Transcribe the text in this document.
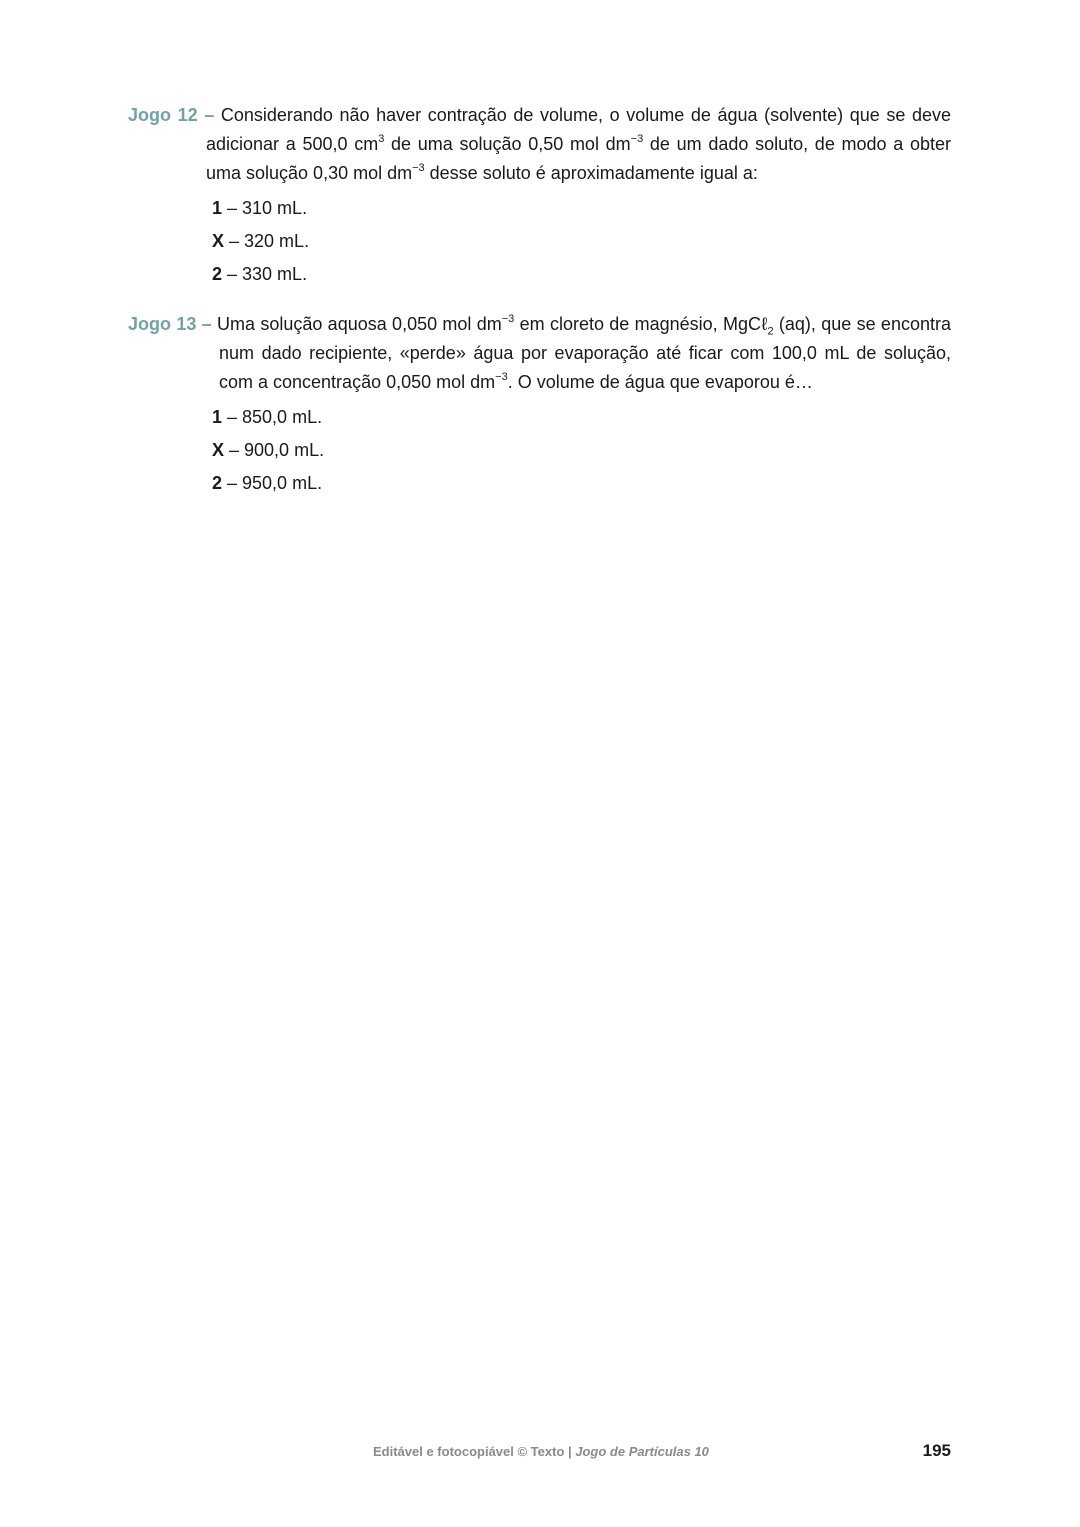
Jogo 12 – Considerando não haver contração de volume, o volume de água (solvente) que se deve adicionar a 500,0 $cm^3$ de uma solução 0,50 mol $dm^{-3}$ de um dado soluto, de modo a obter uma solução 0,30 mol $dm^{-3}$ desse soluto é aproximadamente igual a:

1 – 310 mL.
X – 320 mL.
2 – 330 mL.

Jogo 13 – Uma solução aquosa 0,050 mol $dm^{-3}$ em cloreto de magnésio, MgCℓ$_2$ (aq), que se encontra num dado recipiente, «perde» água por evaporação até ficar com 100,0 mL de solução, com a concentração 0,050 mol $dm^{-3}$. O volume de água que evaporou é…

1 – 850,0 mL.
X – 900,0 mL.
2 – 950,0 mL.
Editável e fotocopiável © Texto | Jogo de Partículas 10	195
